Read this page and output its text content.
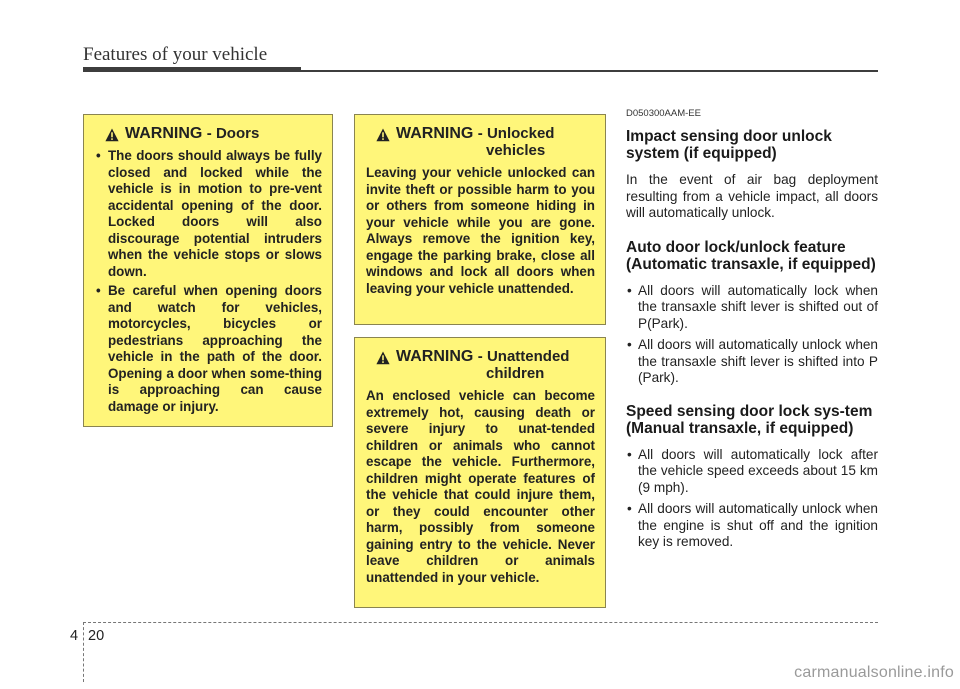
Features of your vehicle
WARNING - Doors
• The doors should always be fully closed and locked while the vehicle is in motion to pre-vent accidental opening of the door. Locked doors will also discourage potential intruders when the vehicle stops or slows down.
• Be careful when opening doors and watch for vehicles, motorcycles, bicycles or pedestrians approaching the vehicle in the path of the door. Opening a door when some-thing is approaching can cause damage or injury.
WARNING - Unlocked
vehicles

Leaving your vehicle unlocked can invite theft or possible harm to you or others from someone hiding in your vehicle while you are gone. Always remove the ignition key, engage the parking brake, close all windows and lock all doors when leaving your vehicle unattended.

WARNING - Unattended
children

An enclosed vehicle can become extremely hot, causing death or severe injury to unat-tended children or animals who cannot escape the vehicle. Furthermore, children might operate features of the vehicle that could injure them, or they could encounter other harm, possibly from someone gaining entry to the vehicle. Never leave children or animals unattended in your vehicle.

D050300AAM-EE
Impact sensing door unlock system (if equipped)

In the event of air bag deployment resulting from a vehicle impact, all doors will automatically unlock.

Auto door lock/unlock feature (Automatic transaxle, if equipped)
• All doors will automatically lock when the transaxle shift lever is shifted out of P(Park).
• All doors will automatically unlock when the transaxle shift lever is shifted into P (Park).
Speed sensing door lock sys-tem (Manual transaxle, if equipped)
• All doors will automatically lock after the vehicle speed exceeds about 15 km (9 mph).
• All doors will automatically unlock when the engine is shut off and the ignition key is removed.
4 20
carmanualsonline.info
